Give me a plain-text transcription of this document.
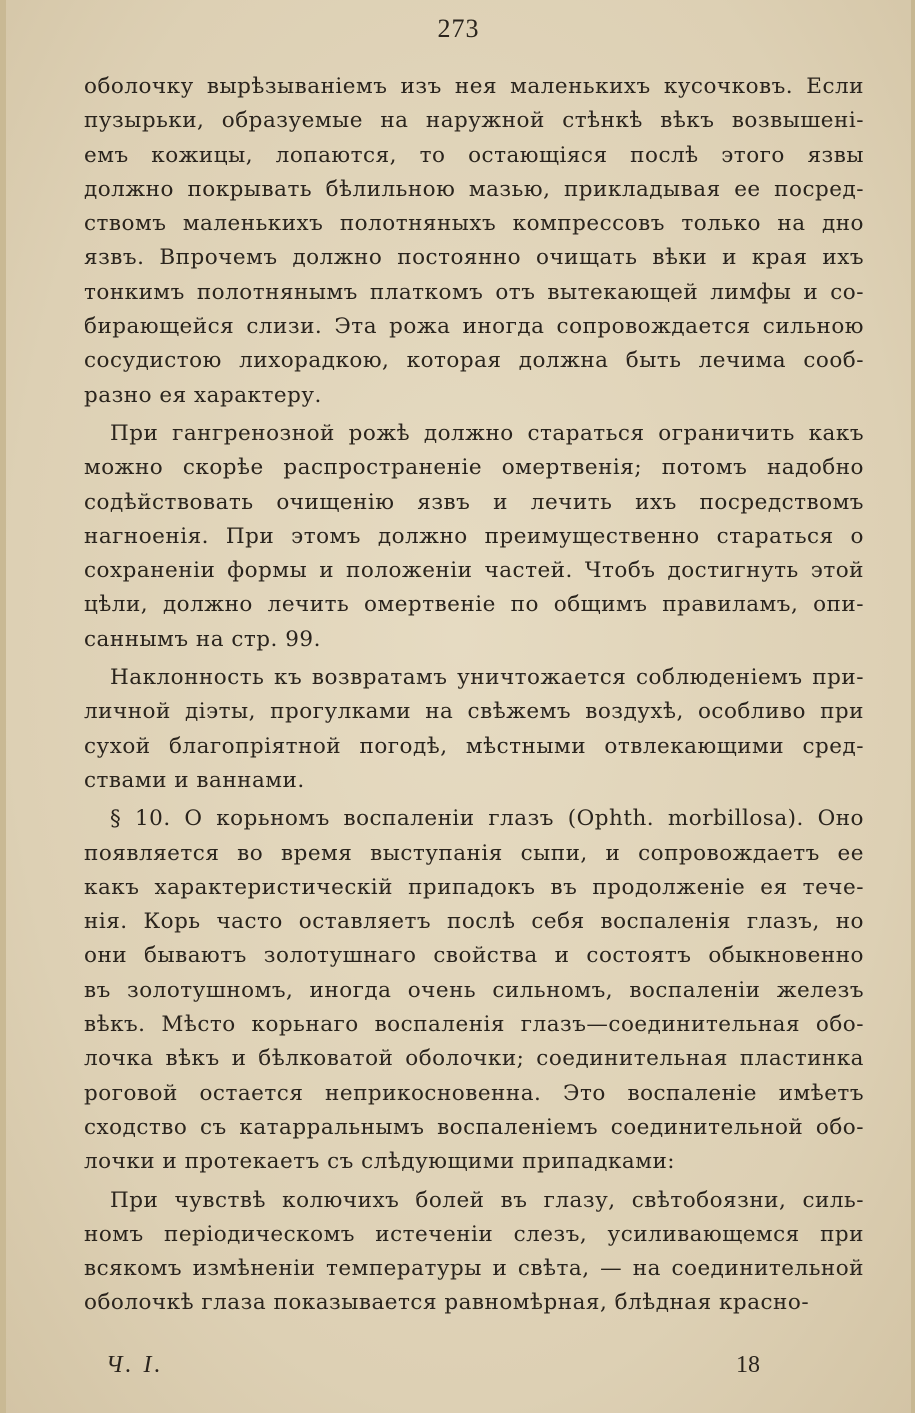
273
оболочку вырѣзываніемъ изъ нея маленькихъ кусочковъ. Если
пузырьки, образуемые на наружной стѣнкѣ вѣкъ возвышені-
емъ кожицы, лопаются, то остающіяся послѣ этого язвы
должно покрывать бѣлильною мазью, прикладывая ее посред-
ствомъ маленькихъ полотняныхъ компрессовъ только на дно
язвъ. Впрочемъ должно постоянно очищать вѣки и края ихъ
тонкимъ полотнянымъ платкомъ отъ вытекающей лимфы и со-
бирающейся слизи. Эта рожа иногда сопровождается сильною
сосудистою лихорадкою, которая должна быть лечима сооб-
разно ея характеру.
При гангренозной рожѣ должно стараться ограничить какъ
можно скорѣе распространеніе омертвенія; потомъ надобно
содѣйствовать очищенію язвъ и лечить ихъ посредствомъ
нагноенія. При этомъ должно преимущественно стараться о
сохраненіи формы и положеніи частей. Чтобъ достигнуть этой
цѣли, должно лечить омертвеніе по общимъ правиламъ, опи-
саннымъ на стр. 99.
Наклонность къ возвратамъ уничтожается соблюденіемъ при-
личной діэты, прогулками на свѣжемъ воздухѣ, особливо при
сухой благопріятной погодѣ, мѣстными отвлекающими сред-
ствами и ваннами.
§ 10. О корьномъ воспаленіи глазъ (Ophth. morbillosa). Оно
появляется во время выступанія сыпи, и сопровождаетъ ее
какъ характеристическій припадокъ въ продолженіе ея тече-
нія. Корь часто оставляетъ послѣ себя воспаленія глазъ, но
они бываютъ золотушнаго свойства и состоятъ обыкновенно
въ золотушномъ, иногда очень сильномъ, воспаленіи железъ
вѣкъ. Мѣсто корьнаго воспаленія глазъ—соединительная обо-
лочка вѣкъ и бѣлковатой оболочки; соединительная пластинка
роговой остается неприкосновенна. Это воспаленіе имѣетъ
сходство съ катарральнымъ воспаленіемъ соединительной обо-
лочки и протекаетъ съ слѣдующими припадками:
При чувствѣ колючихъ болей въ глазу, свѣтобоязни, силь-
номъ періодическомъ истеченіи слезъ, усиливающемся при
всякомъ измѣненіи температуры и свѣта, — на соединительной
оболочкѣ глаза показывается равномѣрная, блѣдная красно-
Ч. I.	18
